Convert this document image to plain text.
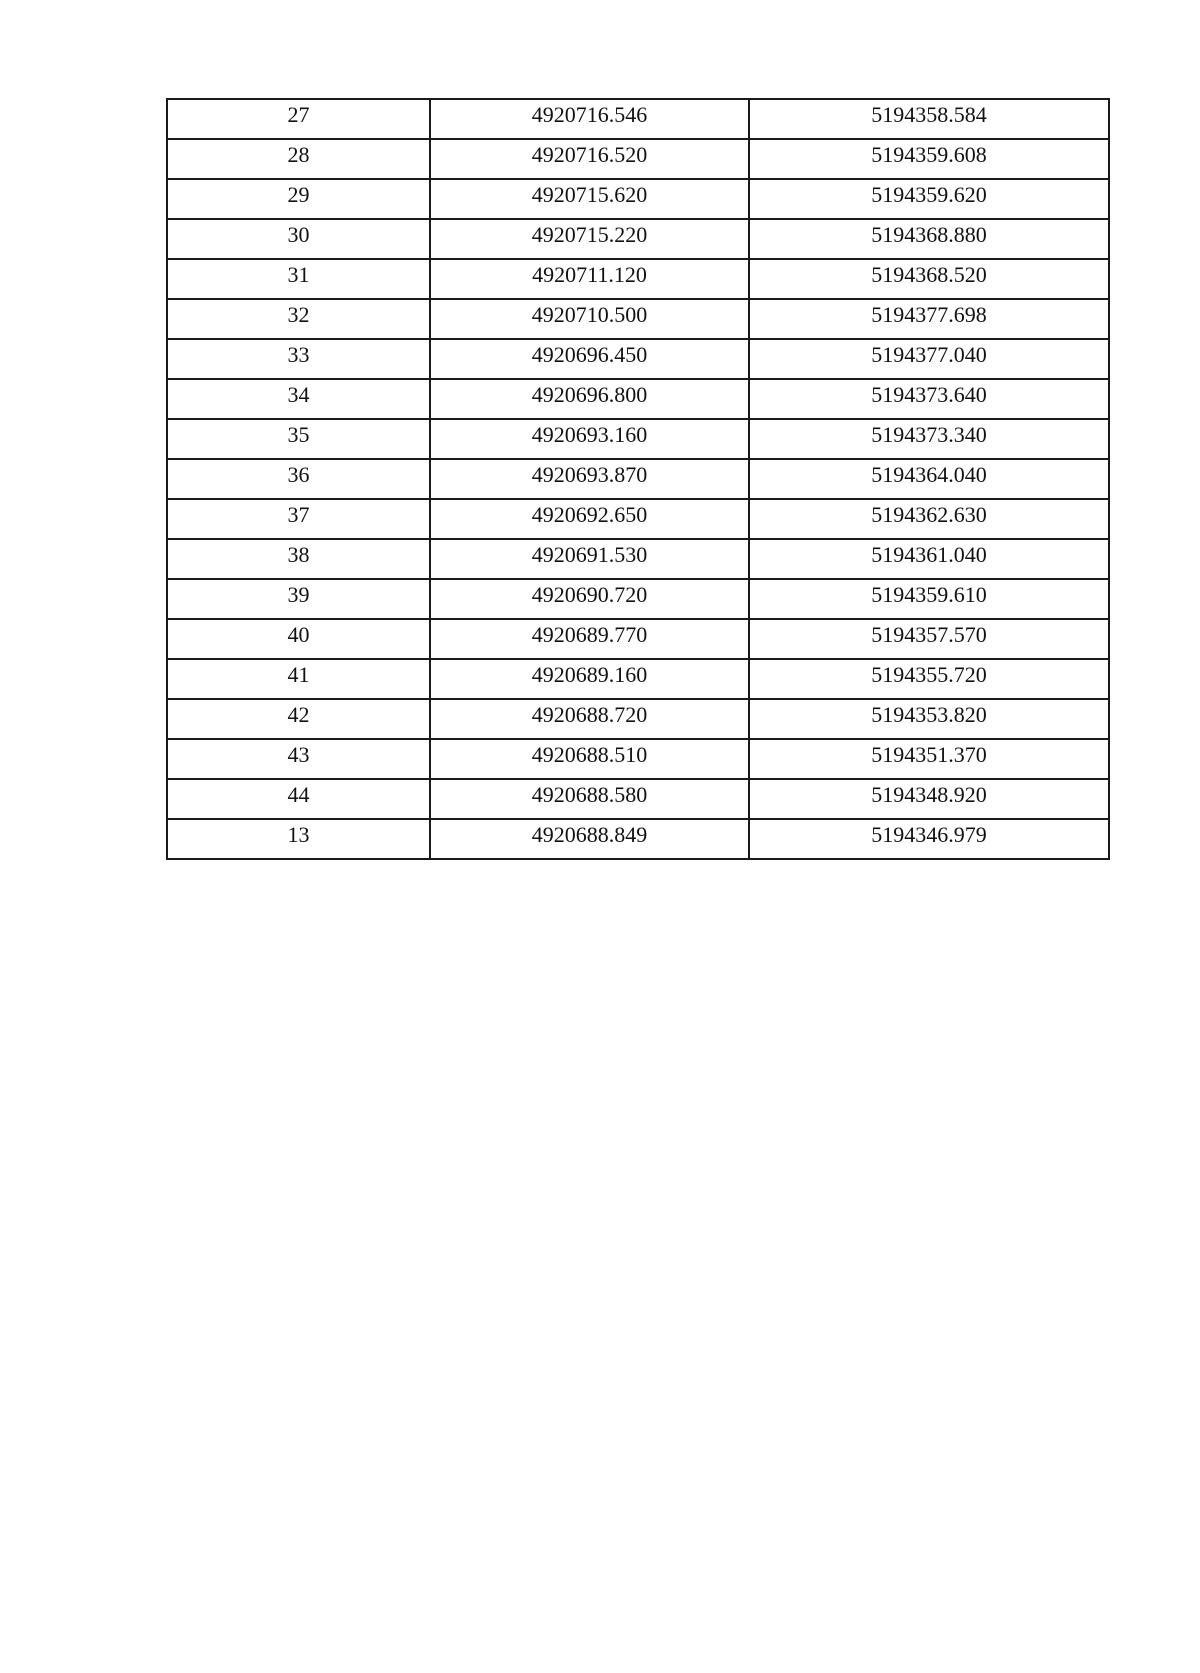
27	4920716.546	5194358.584
28	4920716.520	5194359.608
29	4920715.620	5194359.620
30	4920715.220	5194368.880
31	4920711.120	5194368.520
32	4920710.500	5194377.698
33	4920696.450	5194377.040
34	4920696.800	5194373.640
35	4920693.160	5194373.340
36	4920693.870	5194364.040
37	4920692.650	5194362.630
38	4920691.530	5194361.040
39	4920690.720	5194359.610
40	4920689.770	5194357.570
41	4920689.160	5194355.720
42	4920688.720	5194353.820
43	4920688.510	5194351.370
44	4920688.580	5194348.920
13	4920688.849	5194346.979
